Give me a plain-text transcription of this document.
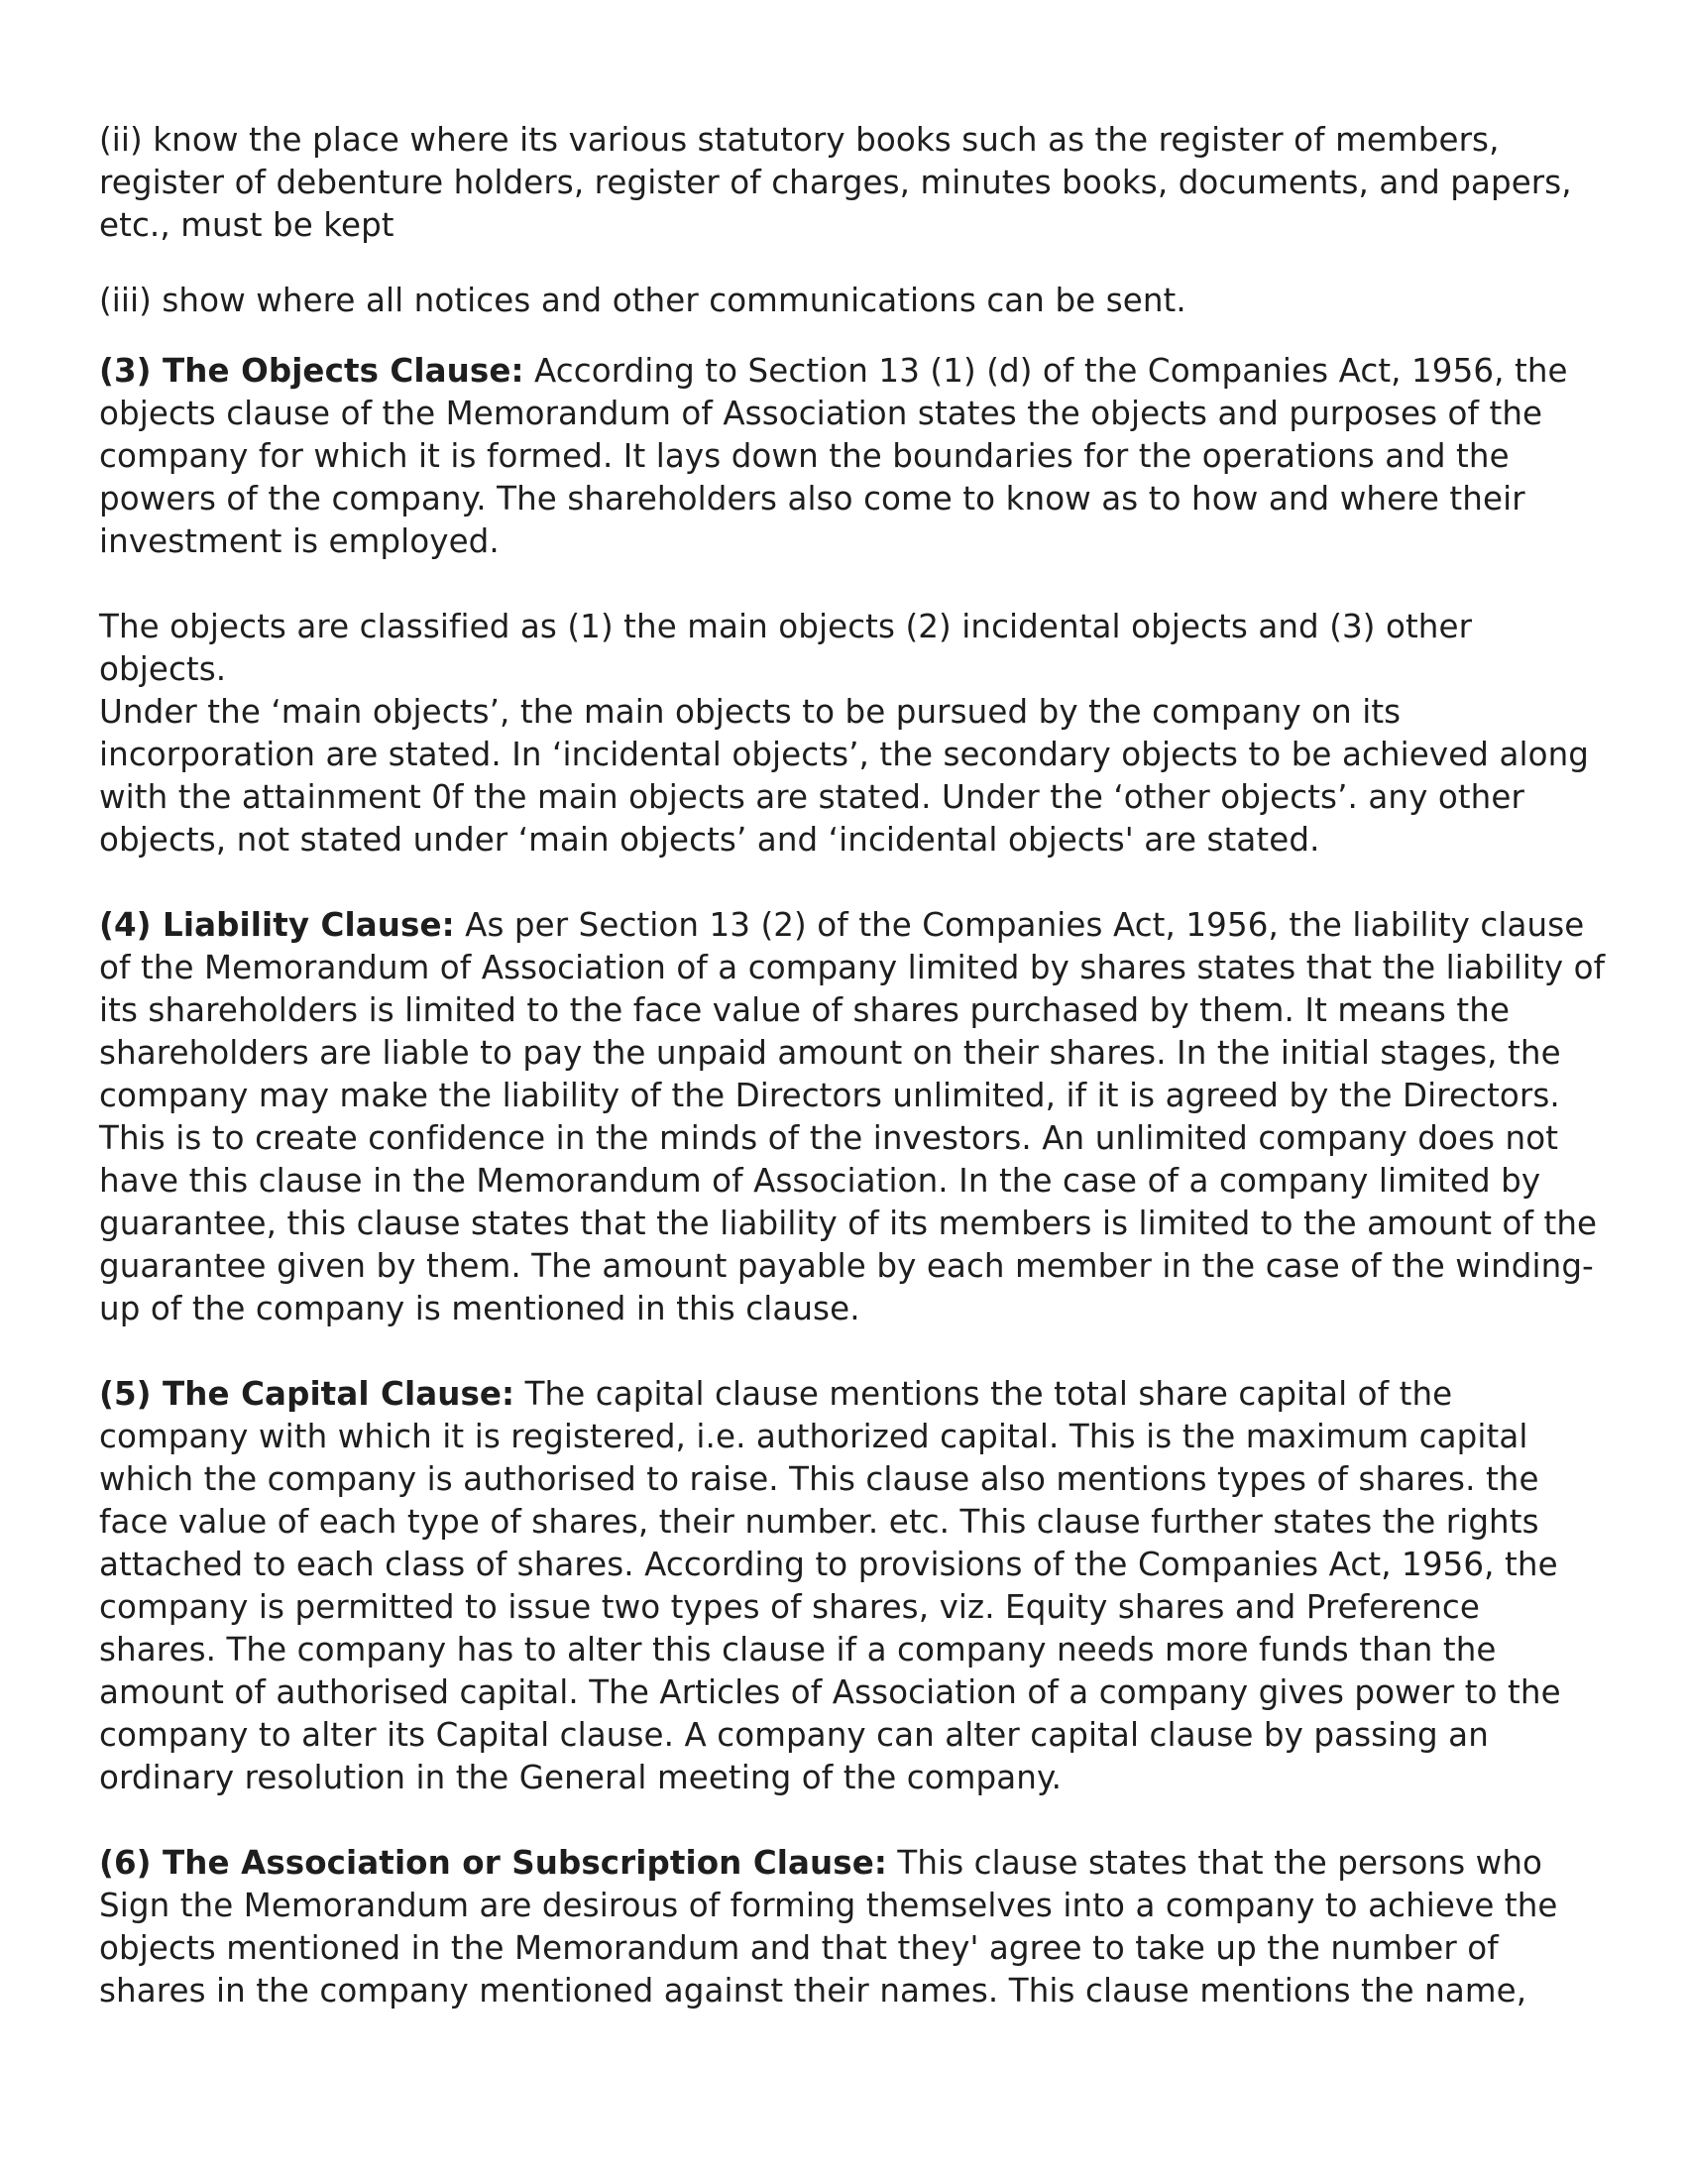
(ii) know the place where its various statutory books such as the register of members, register of debenture holders, register of charges, minutes books, documents, and papers, etc., must be kept

(iii) show where all notices and other communications can be sent.

(3) The Objects Clause: According to Section 13 (1) (d) of the Companies Act, 1956, the objects clause of the Memorandum of Association states the objects and purposes of the company for which it is formed. It lays down the boundaries for the operations and the powers of the company. The shareholders also come to know as to how and where their investment is employed.

The objects are classified as (1) the main objects (2) incidental objects and (3) other objects.

Under the ‘main objects’, the main objects to be pursued by the company on its incorporation are stated. In ‘incidental objects’, the secondary objects to be achieved along with the attainment 0f the main objects are stated. Under the ‘other objects’. any other objects, not stated under ‘main objects’ and ‘incidental objects' are stated.

(4) Liability Clause: As per Section 13 (2) of the Companies Act, 1956, the liability clause of the Memorandum of Association of a company limited by shares states that the liability of its shareholders is limited to the face value of shares purchased by them. It means the shareholders are liable to pay the unpaid amount on their shares. In the initial stages, the company may make the liability of the Directors unlimited, if it is agreed by the Directors. This is to create confidence in the minds of the investors. An unlimited company does not have this clause in the Memorandum of Association. In the case of a company limited by guarantee, this clause states that the liability of its members is limited to the amount of the guarantee given by them. The amount payable by each member in the case of the winding-up of the company is mentioned in this clause.

(5) The Capital Clause: The capital clause mentions the total share capital of the company with which it is registered, i.e. authorized capital. This is the maximum capital which the company is authorised to raise. This clause also mentions types of shares. the face value of each type of shares, their number. etc. This clause further states the rights attached to each class of shares. According to provisions of the Companies Act, 1956, the company is permitted to issue two types of shares, viz. Equity shares and Preference shares. The company has to alter this clause if a company needs more funds than the amount of authorised capital. The Articles of Association of a company gives power to the company to alter its Capital clause. A company can alter capital clause by passing an ordinary resolution in the General meeting of the company.

(6) The Association or Subscription Clause: This clause states that the persons who Sign the Memorandum are desirous of forming themselves into a company to achieve the objects mentioned in the Memorandum and that they' agree to take up the number of shares in the company mentioned against their names. This clause mentions the name,
